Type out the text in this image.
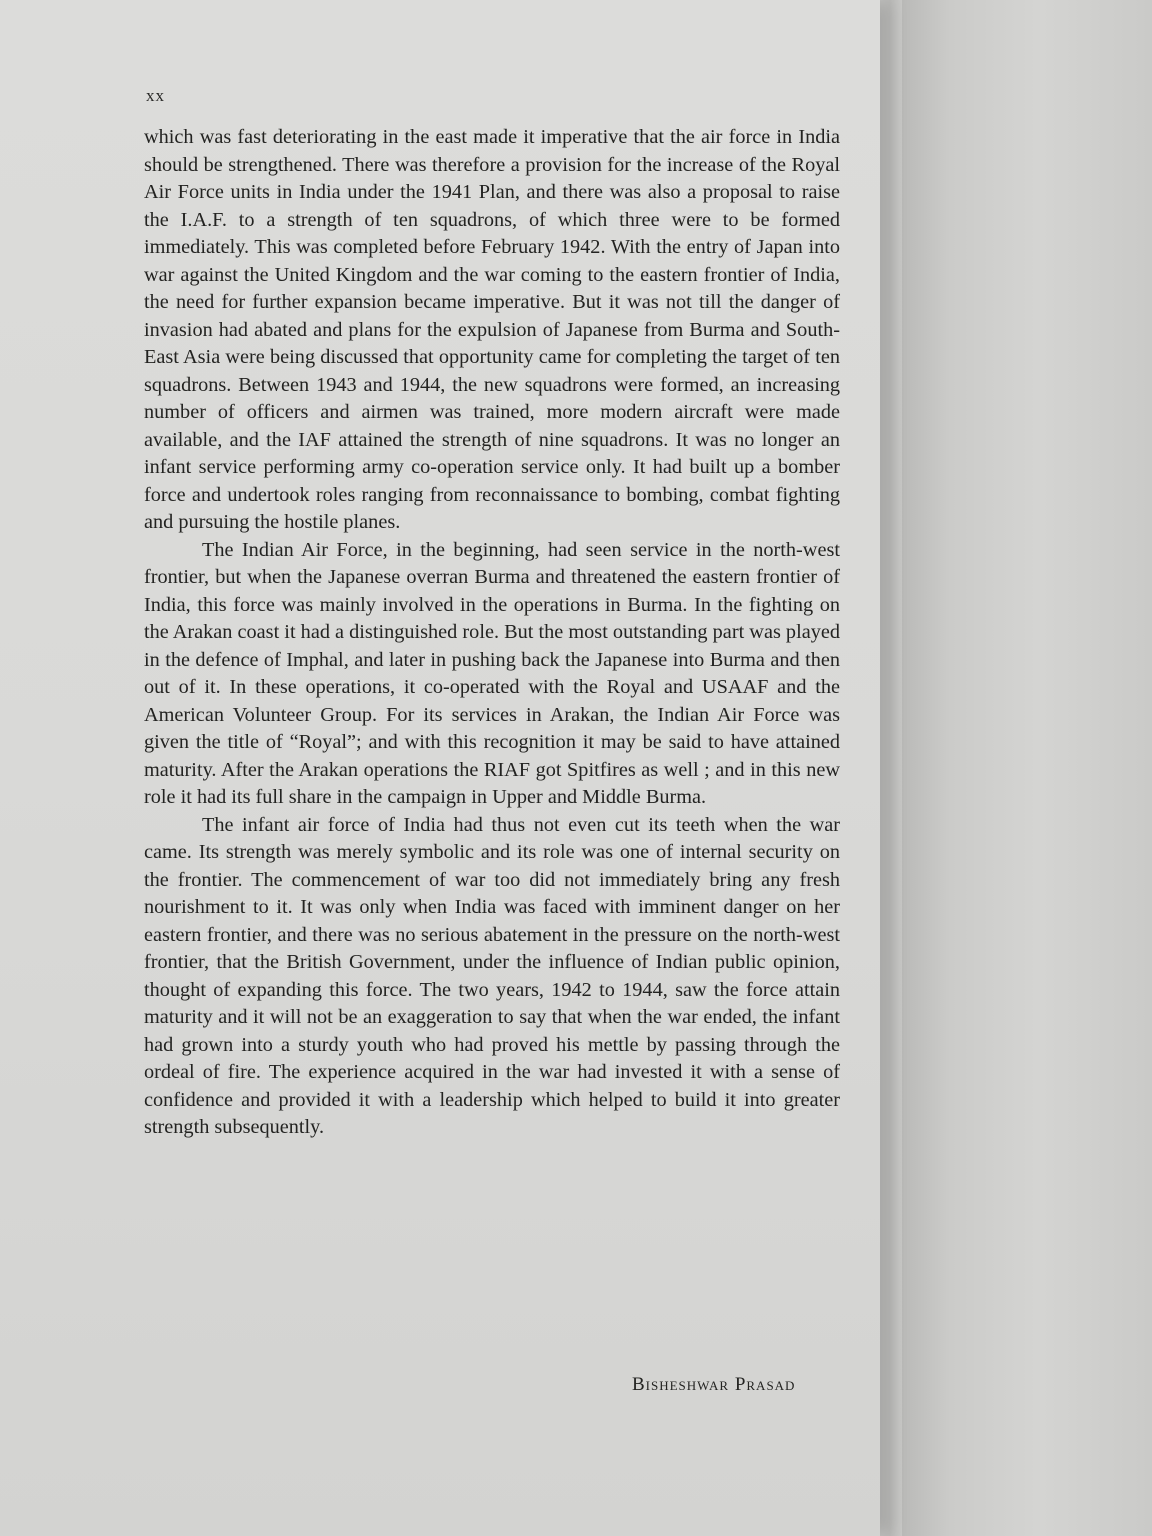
xx

which was fast deteriorating in the east made it imperative that the air force in India should be strengthened. There was therefore a provision for the increase of the Royal Air Force units in India under the 1941 Plan, and there was also a proposal to raise the I.A.F. to a strength of ten squadrons, of which three were to be formed immediately. This was completed before February 1942. With the entry of Japan into war against the United Kingdom and the war coming to the eastern frontier of India, the need for further expansion became imperative. But it was not till the danger of invasion had abated and plans for the expulsion of Japanese from Burma and South-East Asia were being discussed that opportunity came for completing the target of ten squadrons. Between 1943 and 1944, the new squadrons were formed, an increasing number of officers and airmen was trained, more modern aircraft were made available, and the IAF attained the strength of nine squadrons. It was no longer an infant service performing army co-operation service only. It had built up a bomber force and undertook roles ranging from reconnaissance to bombing, combat fighting and pursuing the hostile planes.

The Indian Air Force, in the beginning, had seen service in the north-west frontier, but when the Japanese overran Burma and threatened the eastern frontier of India, this force was mainly involved in the operations in Burma. In the fighting on the Arakan coast it had a distinguished role. But the most outstanding part was played in the defence of Imphal, and later in pushing back the Japanese into Burma and then out of it. In these operations, it co-operated with the Royal and USAAF and the American Volunteer Group. For its services in Arakan, the Indian Air Force was given the title of “Royal”; and with this recognition it may be said to have attained maturity. After the Arakan operations the RIAF got Spitfires as well ; and in this new role it had its full share in the campaign in Upper and Middle Burma.

The infant air force of India had thus not even cut its teeth when the war came. Its strength was merely symbolic and its role was one of internal security on the frontier. The commencement of war too did not immediately bring any fresh nourishment to it. It was only when India was faced with imminent danger on her eastern frontier, and there was no serious abatement in the pressure on the north-west frontier, that the British Government, under the influence of Indian public opinion, thought of expanding this force. The two years, 1942 to 1944, saw the force attain maturity and it will not be an exaggeration to say that when the war ended, the infant had grown into a sturdy youth who had proved his mettle by passing through the ordeal of fire. The experience acquired in the war had invested it with a sense of confidence and provided it with a leadership which helped to build it into greater strength subsequently.

Bisheshwar Prasad
